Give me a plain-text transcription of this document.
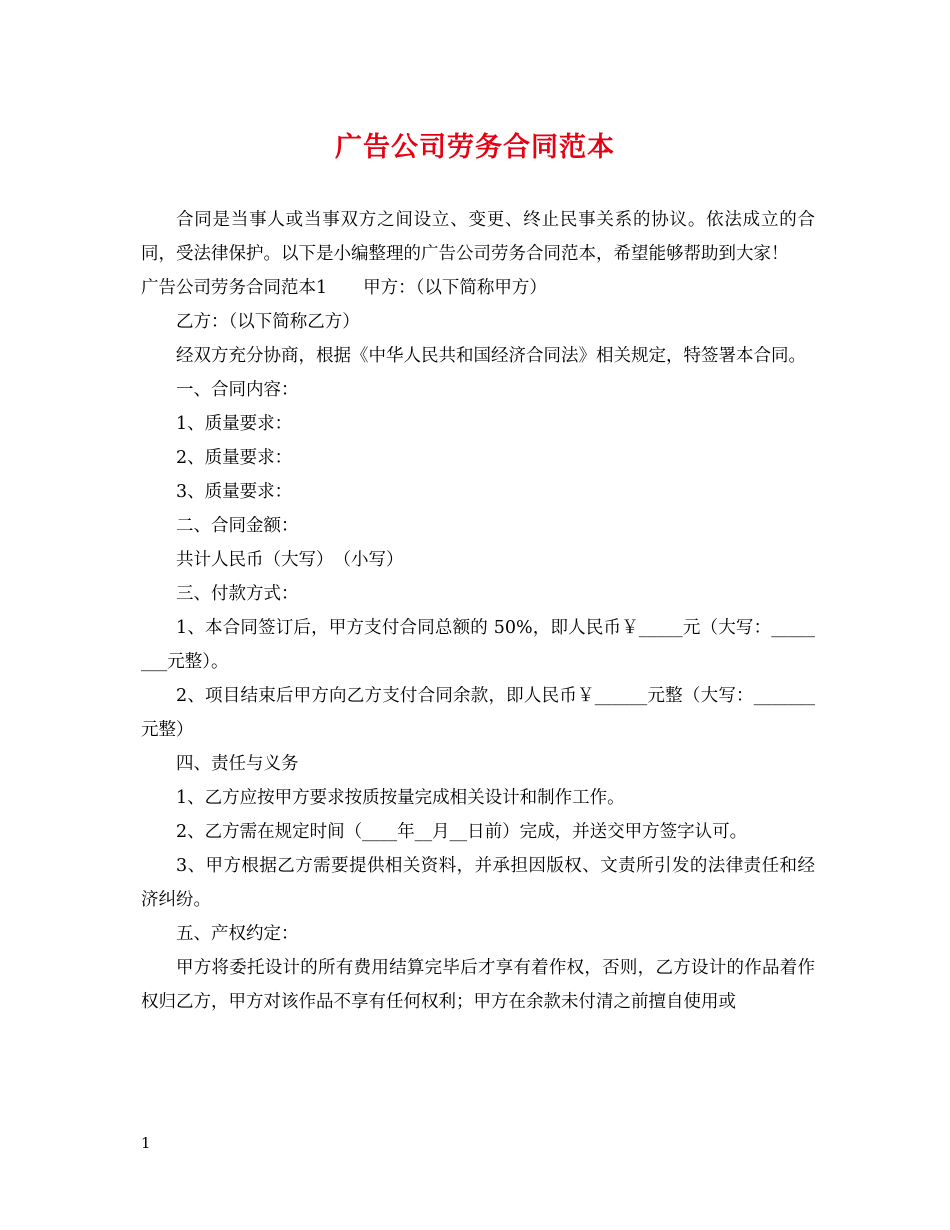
广告公司劳务合同范本

合同是当事人或当事双方之间设立、变更、终止民事关系的协议。依法成立的合同，受法律保护。以下是小编整理的广告公司劳务合同范本，希望能够帮助到大家！

广告公司劳务合同范本1 甲方：（以下简称甲方）

乙方：（以下简称乙方）

经双方充分协商，根据《中华人民共和国经济合同法》相关规定，特签署本合同。

一、合同内容：

1、质量要求：

2、质量要求：

3、质量要求：

二、合同金额：

共计人民币（大写）　（小写）

三、付款方式：

1、本合同签订后，甲方支付合同总额的 50%，即人民币￥_____元（大写：________元整）。

2、项目结束后甲方向乙方支付合同余款，即人民币￥______元整（大写：_______元整）

四、责任与义务

1、乙方应按甲方要求按质按量完成相关设计和制作工作。

2、乙方需在规定时间（____年__月__日前）完成，并送交甲方签字认可。

3、甲方根据乙方需要提供相关资料，并承担因版权、文责所引发的法律责任和经济纠纷。

五、产权约定：

甲方将委托设计的所有费用结算完毕后才享有着作权，否则，乙方设计的作品着作权归乙方，甲方对该作品不享有任何权利；甲方在余款未付清之前擅自使用或

1
